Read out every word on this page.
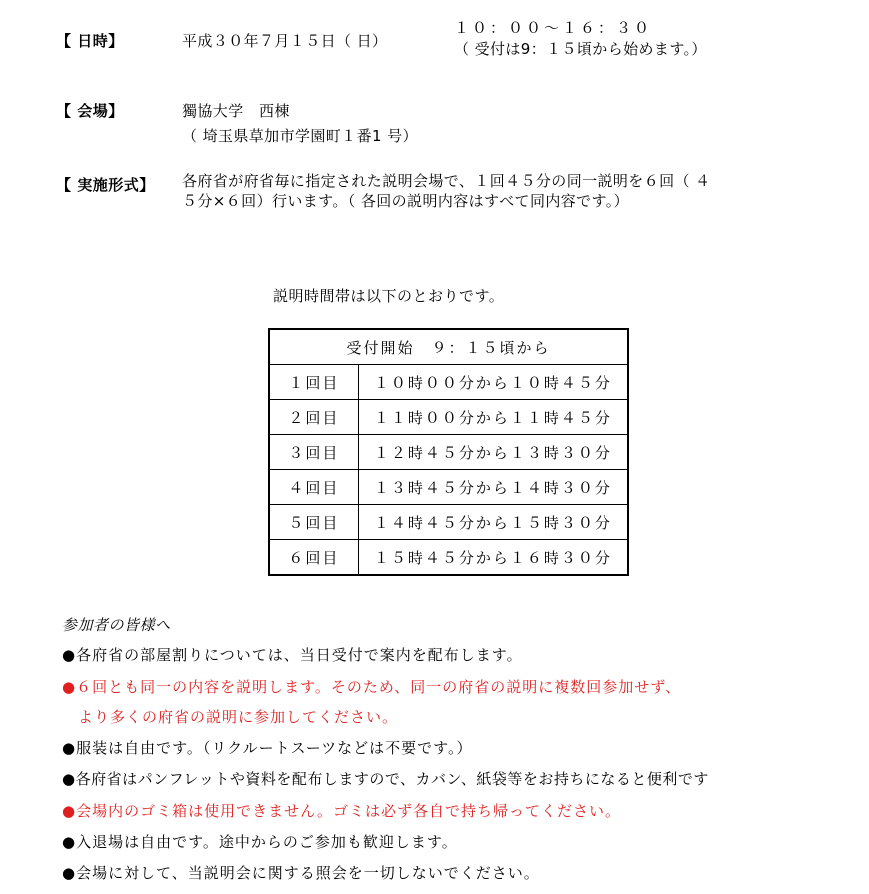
【 日時】	平成３０年７月１５日（ 日）
１０：００～１６：３０
（ 受付は9：１５頃から始めます。）
【 会場】	獨協大学　西棟
（ 埼玉県草加市学園町１番1 号）
【 実施形式】 各府省が府省毎に指定された説明会場で、１回４５分の同一説明を６回（ ４
５分×６回）行います。（ 各回の説明内容はすべて同内容です。）
説明時間帯は以下のとおりです。
受付開始　９：１５頃から	
１回目	１０時００分から１０時４５分
２回目	１１時００分から１１時４５分
３回目	１２時４５分から１３時３０分
４回目	１３時４５分から１４時３０分
５回目	１４時４５分から１５時３０分
６回目	１５時４５分から１６時３０分
参加者の皆様へ
●各府省の部屋割りについては、当日受付で案内を配布します。
●６回とも同一の内容を説明します。そのため、同一の府省の説明に複数回参加せず、
　より多くの府省の説明に参加してください。
●服装は自由です。（リクルートスーツなどは不要です。）
●各府省はパンフレットや資料を配布しますので、カバン、紙袋等をお持ちになると便利です
●会場内のゴミ箱は使用できません。ゴミは必ず各自で持ち帰ってください。
●入退場は自由です。途中からのご参加も歓迎します。
●会場に対して、当説明会に関する照会を一切しないでください。
